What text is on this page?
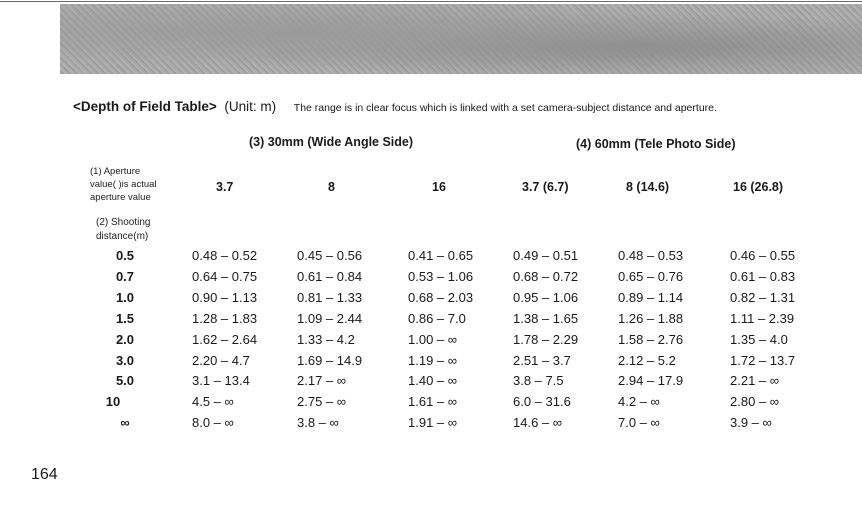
<Depth of Field Table> (Unit: m) The range is in clear focus which is linked with a set camera-subject distance and aperture.
(3) 30mm (Wide Angle Side)	(4) 60mm (Tele Photo Side)
(1) Aperture
value( )is actual
aperture value
3.7	8	16	3.7 (6.7)	8 (14.6)	16 (26.8)
(2) Shooting
distance(m)
0.5	0.48 – 0.52	0.45 – 0.56	0.41 – 0.65	0.49 – 0.51	0.48 – 0.53	0.46 – 0.55
0.7	0.64 – 0.75	0.61 – 0.84	0.53 – 1.06	0.68 – 0.72	0.65 – 0.76	0.61 – 0.83
1.0	0.90 – 1.13	0.81 – 1.33	0.68 – 2.03	0.95 – 1.06	0.89 – 1.14	0.82 – 1.31
1.5	1.28 – 1.83	1.09 – 2.44	0.86 – 7.0	1.38 – 1.65	1.26 – 1.88	1.11 – 2.39
2.0	1.62 – 2.64	1.33 – 4.2	1.00 – ∞	1.78 – 2.29	1.58 – 2.76	1.35 – 4.0
3.0	2.20 – 4.7	1.69 – 14.9	1.19 – ∞	2.51 – 3.7	2.12 – 5.2	1.72 – 13.7
5.0	3.1 – 13.4	2.17 – ∞	1.40 – ∞	3.8 – 7.5	2.94 – 17.9	2.21 – ∞
10	4.5 – ∞	2.75 – ∞	1.61 – ∞	6.0 – 31.6	4.2 – ∞	2.80 – ∞
∞	8.0 – ∞	3.8 – ∞	1.91 – ∞	14.6 – ∞	7.0 – ∞	3.9 – ∞
164
